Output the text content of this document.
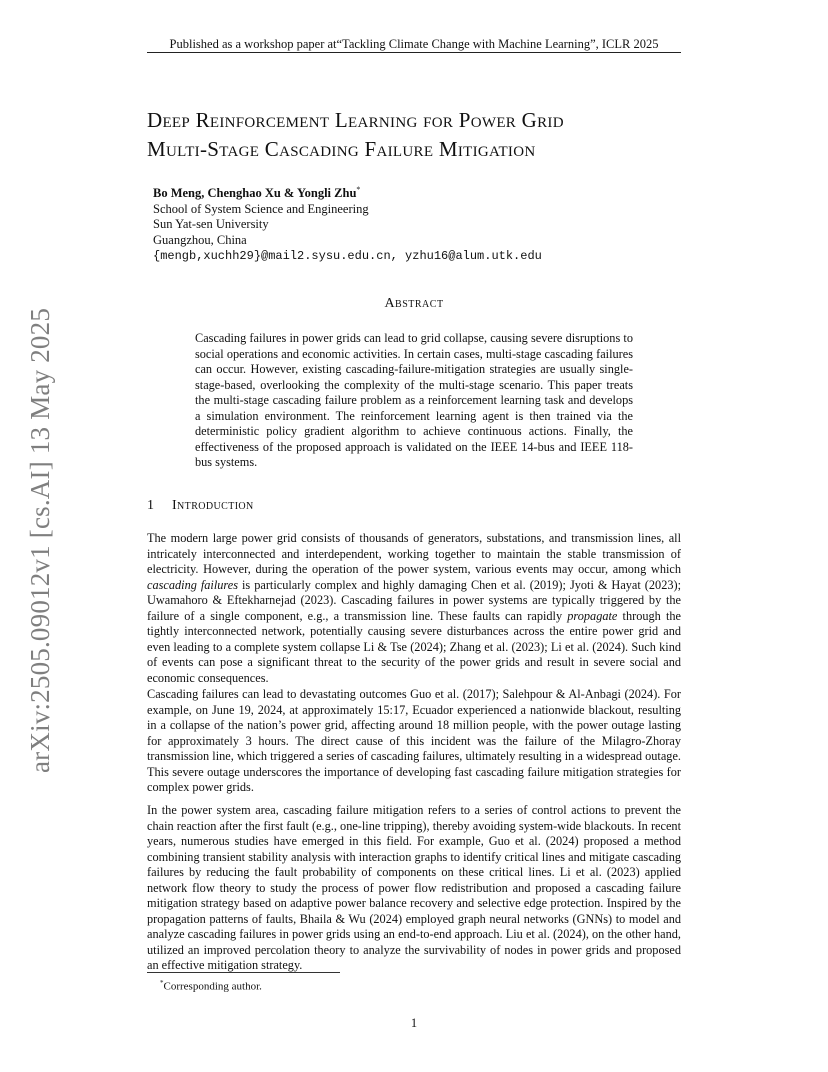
Published as a workshop paper at“Tackling Climate Change with Machine Learning”, ICLR 2025
arXiv:2505.09012v1 [cs.AI] 13 May 2025
Deep Reinforcement Learning for Power Grid
Multi-Stage Cascading Failure Mitigation
Bo Meng, Chenghao Xu & Yongli Zhu*
School of System Science and Engineering
Sun Yat-sen University
Guangzhou, China
{mengb,xuchh29}@mail2.sysu.edu.cn, yzhu16@alum.utk.edu
Abstract
Cascading failures in power grids can lead to grid collapse, causing severe disruptions to social operations and economic activities. In certain cases, multi-stage cascading failures can occur. However, existing cascading-failure-mitigation strategies are usually single-stage-based, overlooking the complexity of the multi-stage scenario. This paper treats the multi-stage cascading failure problem as a reinforcement learning task and develops a simulation environment. The reinforcement learning agent is then trained via the deterministic policy gradient algorithm to achieve continuous actions. Finally, the effectiveness of the proposed approach is validated on the IEEE 14-bus and IEEE 118-bus systems.
1 Introduction

The modern large power grid consists of thousands of generators, substations, and transmission lines, all intricately interconnected and interdependent, working together to maintain the stable transmission of electricity. However, during the operation of the power system, various events may occur, among which cascading failures is particularly complex and highly damaging Chen et al. (2019); Jyoti & Hayat (2023); Uwamahoro & Eftekharnejad (2023). Cascading failures in power systems are typically triggered by the failure of a single component, e.g., a transmission line. These faults can rapidly propagate through the tightly interconnected network, potentially causing severe disturbances across the entire power grid and even leading to a complete system collapse Li & Tse (2024); Zhang et al. (2023); Li et al. (2024). Such kind of events can pose a significant threat to the security of the power grids and result in severe social and economic consequences.

Cascading failures can lead to devastating outcomes Guo et al. (2017); Salehpour & Al-Anbagi (2024). For example, on June 19, 2024, at approximately 15:17, Ecuador experienced a nationwide blackout, resulting in a collapse of the nation’s power grid, affecting around 18 million people, with the power outage lasting for approximately 3 hours. The direct cause of this incident was the failure of the Milagro-Zhoray transmission line, which triggered a series of cascading failures, ultimately resulting in a widespread outage. This severe outage underscores the importance of developing fast cascading failure mitigation strategies for complex power grids.

In the power system area, cascading failure mitigation refers to a series of control actions to prevent the chain reaction after the first fault (e.g., one-line tripping), thereby avoiding system-wide blackouts. In recent years, numerous studies have emerged in this field. For example, Guo et al. (2024) proposed a method combining transient stability analysis with interaction graphs to identify critical lines and mitigate cascading failures by reducing the fault probability of components on these critical lines. Li et al. (2023) applied network flow theory to study the process of power flow redistribution and proposed a cascading failure mitigation strategy based on adaptive power balance recovery and selective edge protection. Inspired by the propagation patterns of faults, Bhaila & Wu (2024) employed graph neural networks (GNNs) to model and analyze cascading failures in power grids using an end-to-end approach. Liu et al. (2024), on the other hand, utilized an improved percolation theory to analyze the survivability of nodes in power grids and proposed an effective mitigation strategy.

*Corresponding author.
1
